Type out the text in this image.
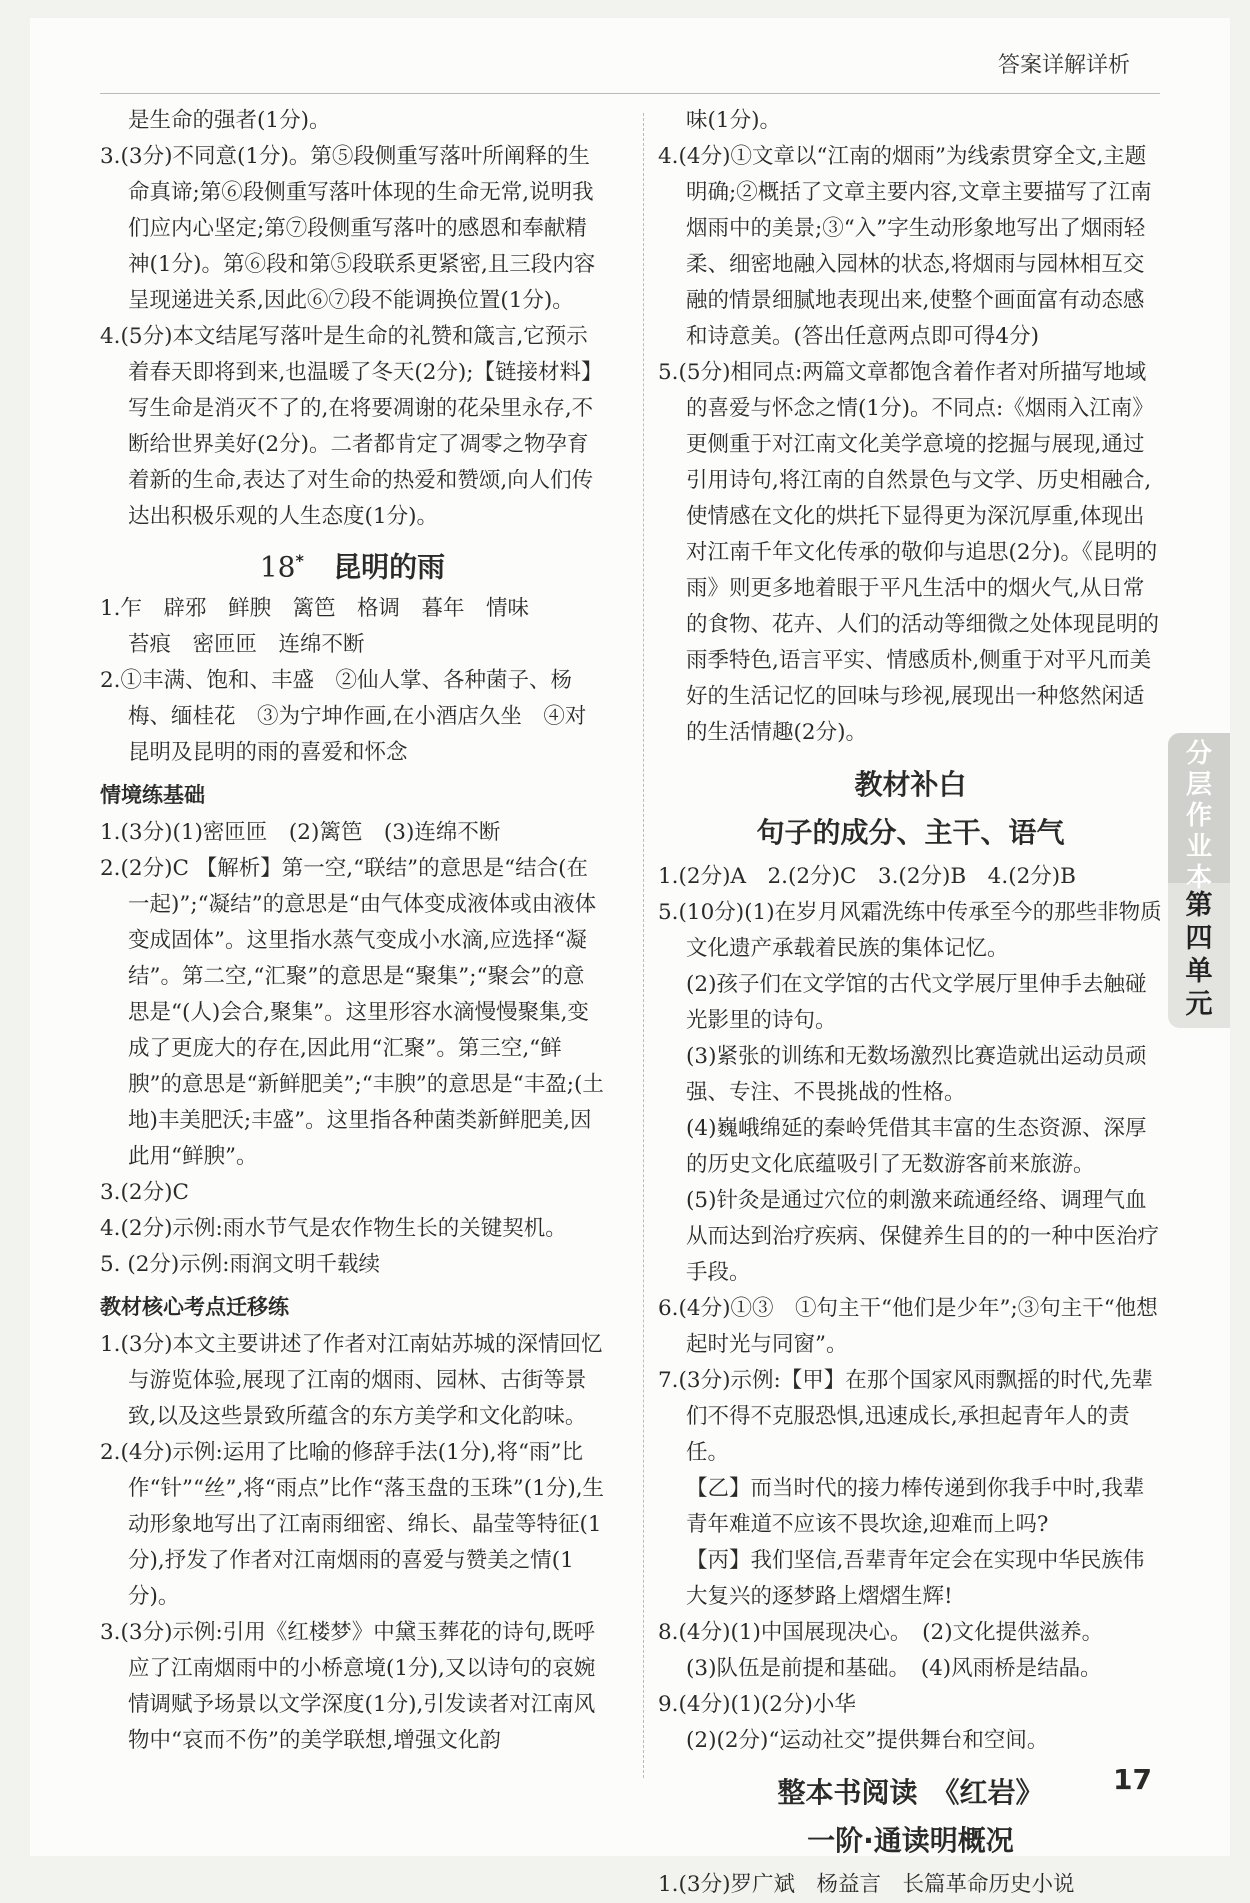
答案详解详析

是生命的强者(1分)。

3.(3分)不同意(1分)。第⑤段侧重写落叶所阐释的生命真谛;第⑥段侧重写落叶体现的生命无常,说明我们应内心坚定;第⑦段侧重写落叶的感恩和奉献精神(1分)。第⑥段和第⑤段联系更紧密,且三段内容呈现递进关系,因此⑥⑦段不能调换位置(1分)。

4.(5分)本文结尾写落叶是生命的礼赞和箴言,它预示着春天即将到来,也温暖了冬天(2分);【链接材料】写生命是消灭不了的,在将要凋谢的花朵里永存,不断给世界美好(2分)。二者都肯定了凋零之物孕育着新的生命,表达了对生命的热爱和赞颂,向人们传达出积极乐观的人生态度(1分)。

18* 昆明的雨

1.乍　辟邪　鲜腴　篱笆　格调　暮年　情味

苔痕　密匝匝　连绵不断

2.①丰满、饱和、丰盛　②仙人掌、各种菌子、杨梅、缅桂花　③为宁坤作画,在小酒店久坐　④对昆明及昆明的雨的喜爱和怀念

情境练基础

1.(3分)(1)密匝匝　(2)篱笆　(3)连绵不断

2.(2分)C 【解析】第一空,“联结”的意思是“结合(在一起)”;“凝结”的意思是“由气体变成液体或由液体变成固体”。这里指水蒸气变成小水滴,应选择“凝结”。第二空,“汇聚”的意思是“聚集”;“聚会”的意思是“(人)会合,聚集”。这里形容水滴慢慢聚集,变成了更庞大的存在,因此用“汇聚”。第三空,“鲜腴”的意思是“新鲜肥美”;“丰腴”的意思是“丰盈;(土地)丰美肥沃;丰盛”。这里指各种菌类新鲜肥美,因此用“鲜腴”。

3.(2分)C

4.(2分)示例:雨水节气是农作物生长的关键契机。

5. (2分)示例:雨润文明千载续

教材核心考点迁移练

1.(3分)本文主要讲述了作者对江南姑苏城的深情回忆与游览体验,展现了江南的烟雨、园林、古街等景致,以及这些景致所蕴含的东方美学和文化韵味。

2.(4分)示例:运用了比喻的修辞手法(1分),将“雨”比作“针”“丝”,将“雨点”比作“落玉盘的玉珠”(1分),生动形象地写出了江南雨细密、绵长、晶莹等特征(1分),抒发了作者对江南烟雨的喜爱与赞美之情(1分)。

3.(3分)示例:引用《红楼梦》中黛玉葬花的诗句,既呼应了江南烟雨中的小桥意境(1分),又以诗句的哀婉情调赋予场景以文学深度(1分),引发读者对江南风物中“哀而不伤”的美学联想,增强文化韵

味(1分)。

4.(4分)①文章以“江南的烟雨”为线索贯穿全文,主题明确;②概括了文章主要内容,文章主要描写了江南烟雨中的美景;③“入”字生动形象地写出了烟雨轻柔、细密地融入园林的状态,将烟雨与园林相互交融的情景细腻地表现出来,使整个画面富有动态感和诗意美。(答出任意两点即可得4分)

5.(5分)相同点:两篇文章都饱含着作者对所描写地域的喜爱与怀念之情(1分)。不同点:《烟雨入江南》更侧重于对江南文化美学意境的挖掘与展现,通过引用诗句,将江南的自然景色与文学、历史相融合,使情感在文化的烘托下显得更为深沉厚重,体现出对江南千年文化传承的敬仰与追思(2分)。《昆明的雨》则更多地着眼于平凡生活中的烟火气,从日常的食物、花卉、人们的活动等细微之处体现昆明的雨季特色,语言平实、情感质朴,侧重于对平凡而美好的生活记忆的回味与珍视,展现出一种悠然闲适的生活情趣(2分)。

教材补白
句子的成分、主干、语气

1.(2分)A　2.(2分)C　3.(2分)B　4.(2分)B

5.(10分)(1)在岁月风霜洗练中传承至今的那些非物质文化遗产承载着民族的集体记忆。

(2)孩子们在文学馆的古代文学展厅里伸手去触碰光影里的诗句。

(3)紧张的训练和无数场激烈比赛造就出运动员顽强、专注、不畏挑战的性格。

(4)巍峨绵延的秦岭凭借其丰富的生态资源、深厚的历史文化底蕴吸引了无数游客前来旅游。

(5)针灸是通过穴位的刺激来疏通经络、调理气血从而达到治疗疾病、保健养生目的的一种中医治疗手段。

6.(4分)①③　①句主干“他们是少年”;③句主干“他想起时光与同窗”。

7.(3分)示例:【甲】在那个国家风雨飘摇的时代,先辈们不得不克服恐惧,迅速成长,承担起青年人的责任。

【乙】而当时代的接力棒传递到你我手中时,我辈青年难道不应该不畏坎途,迎难而上吗?

【丙】我们坚信,吾辈青年定会在实现中华民族伟大复兴的逐梦路上熠熠生辉!

8.(4分)(1)中国展现决心。　(2)文化提供滋养。

(3)队伍是前提和基础。　(4)风雨桥是结晶。

9.(4分)(1)(2分)小华

(2)(2分)“运动社交”提供舞台和空间。

整本书阅读　《红岩》
一阶·通读明概况

1.(3分)罗广斌　杨益言　长篇革命历史小说

分
层
作
业
本
第
四
单
元
17
